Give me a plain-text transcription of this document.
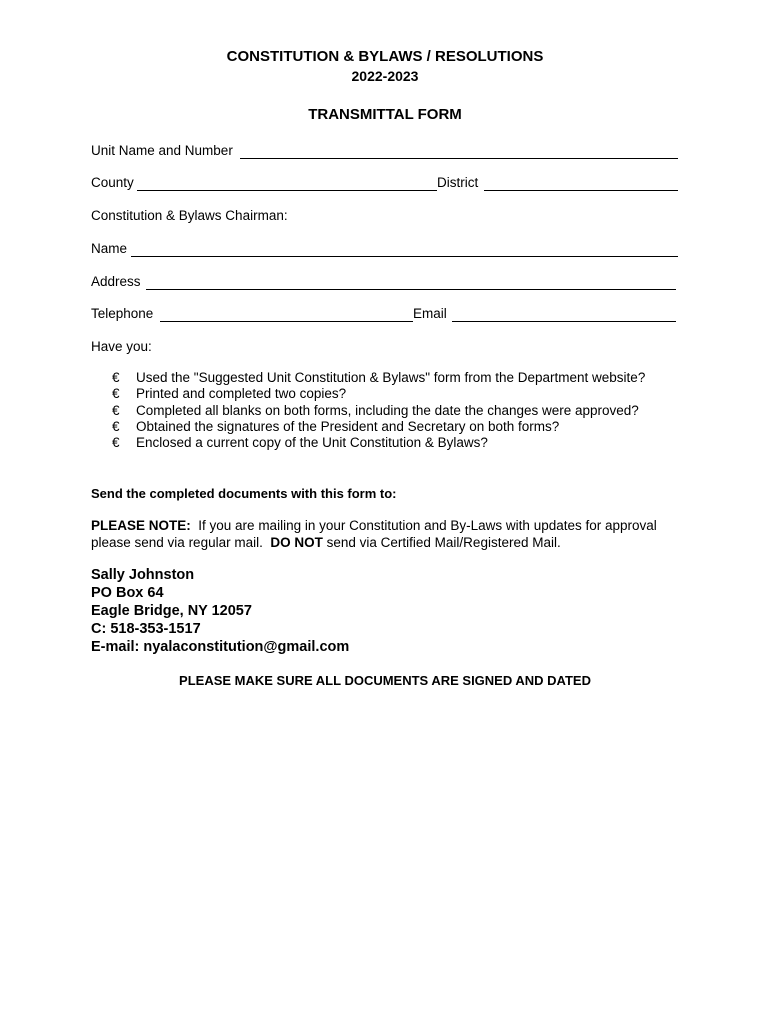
CONSTITUTION & BYLAWS / RESOLUTIONS
2022-2023
TRANSMITTAL FORM
Unit Name and Number
County	District
Constitution & Bylaws Chairman:
Name
Address
Telephone	Email
Have you:
€ Used the "Suggested Unit Constitution & Bylaws" form from the Department website?
€ Printed and completed two copies?
€ Completed all blanks on both forms, including the date the changes were approved?
€ Obtained the signatures of the President and Secretary on both forms?
€ Enclosed a current copy of the Unit Constitution & Bylaws?
Send the completed documents with this form to:
PLEASE NOTE: If you are mailing in your Constitution and By-Laws with updates for approval please send via regular mail. DO NOT send via Certified Mail/Registered Mail.
Sally Johnston
PO Box 64
Eagle Bridge, NY 12057
C: 518-353-1517
E-mail: nyalaconstitution@gmail.com
PLEASE MAKE SURE ALL DOCUMENTS ARE SIGNED AND DATED
